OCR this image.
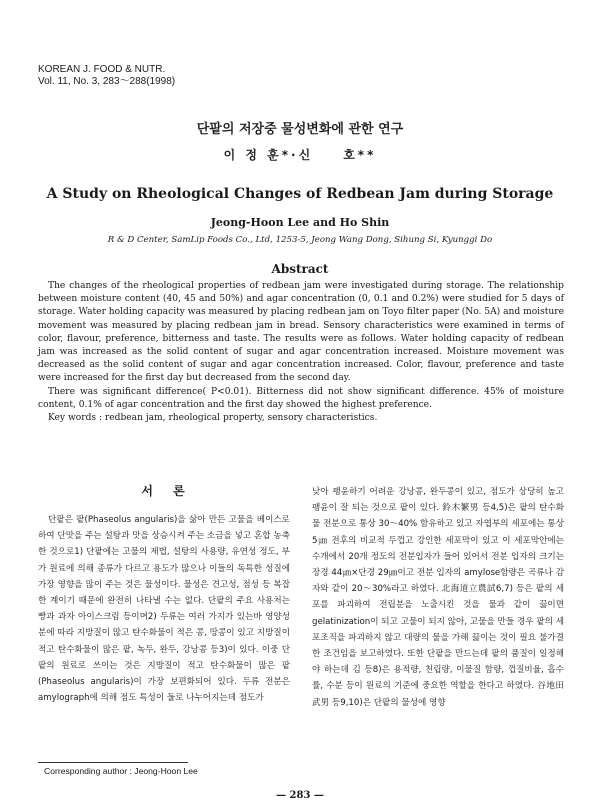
KOREAN J. FOOD & NUTR.
Vol. 11, No. 3, 283～288(1998)
단팥의 저장중 물성변화에 관한 연구
이 정 훈*·신　　호**
A Study on Rheological Changes of Redbean Jam during Storage
Jeong-Hoon Lee and Ho Shin
R & D Center, SamLip Foods Co., Ltd, 1253-5, Jeong Wang Dong, Sihung Si, Kyunggi Do
Abstract

The changes of the rheological properties of redbean jam were investigated during storage. The relationship between moisture content (40, 45 and 50%) and agar concentration (0, 0.1 and 0.2%) were studied for 5 days of storage. Water holding capacity was measured by placing redbean jam on Toyo filter paper (No. 5A) and moisture movement was measured by placing redbean jam in bread. Sensory characteristics were examined in terms of color, flavour, preference, bitterness and taste. The results were as follows. Water holding capacity of redbean jam was increased as the solid content of sugar and agar concentration increased. Moisture movement was decreased as the solid content of sugar and agar concentration increased. Color, flavour, preference and taste were increased for the first day but decreased from the second day.

There was significant difference( P<0.01). Bitterness did not show significant difference. 45% of moisture content, 0.1% of agar concentration and the first day showed the highest preference.

Key words : redbean jam, rheological property, sensory characteristics.

서 론

단팥은 팥(Phaseolus angularis)을 삶아 만든 고물을 베이스로 하여 단맛을 주는 설탕과 맛을 상승시켜 주는 소금을 넣고 혼합 농축한 것으로1) 단팥에는 고물의 제법, 설탕의 사용량, 유연성 정도, 부가 원료에 의해 종류가 다르고 용도가 많으나 이들의 독특한 성질에 가장 영향을 많이 주는 것은 물성이다. 물성은 견고성, 점성 등 복잡한 계이기 때문에 완전히 나타낼 수는 없다. 단팥의 주요 사용처는 빵과 과자 아이스크림 등이며2) 두류는 여러 가지가 있는바 영양성분에 따라 지방질이 많고 탄수화물이 적은 콩, 땅콩이 있고 지방질이 적고 탄수화물이 많은 팥, 녹두, 완두, 강낭콩 등3)이 있다. 이중 단팥의 원료로 쓰이는 것은 지방질이 적고 탄수화물이 많은 팥(Phaseolus angularis)이 가장 보편화되어 있다. 두류 전분은 amylograph에 의해 점도 특성이 둘로 나누어지는데 점도가

낮아 팽윤하기 어려운 강낭콩, 완두콩이 있고, 점도가 상당히 높고 팽윤이 잘 되는 것으로 팥이 있다. 鈴木繁男 등4,5)은 팥의 탄수화물 전분으로 통상 30～40% 함유하고 있고 자엽부의 세포에는 통상 5㎛ 전후의 비교적 두껍고 강인한 세포막이 있고 이 세포막안에는 수개에서 20개 정도의 전분입자가 들어 있어서 전분 입자의 크기는 장경 44㎛×단경 29㎛이고 전분 입자의 amylose함량은 곡류나 감자와 같이 20～30%라고 하였다. 北海道立農試6,7) 등은 팥의 세포를 파괴하여 전립분을 노출시킨 것을 물과 같이 끓이면 gelatinization이 되고 고물이 되지 않아, 고물을 만들 경우 팥의 세포조직을 파괴하지 않고 대량의 물을 가해 끓이는 것이 필요 불가결한 조건임을 보고하였다. 또한 단팥을 만드는데 팥의 품질이 일정해야 하는데 김 등8)은 용적량, 천립량, 이물질 함량, 껍질비율, 흡수률, 수분 등이 원료의 기준에 중요한 역할을 한다고 하였다. 谷地田武男 등9,10)은 단팥의 물성에 영향

Corresponding author : Jeong-Hoon Lee
— 283 —
